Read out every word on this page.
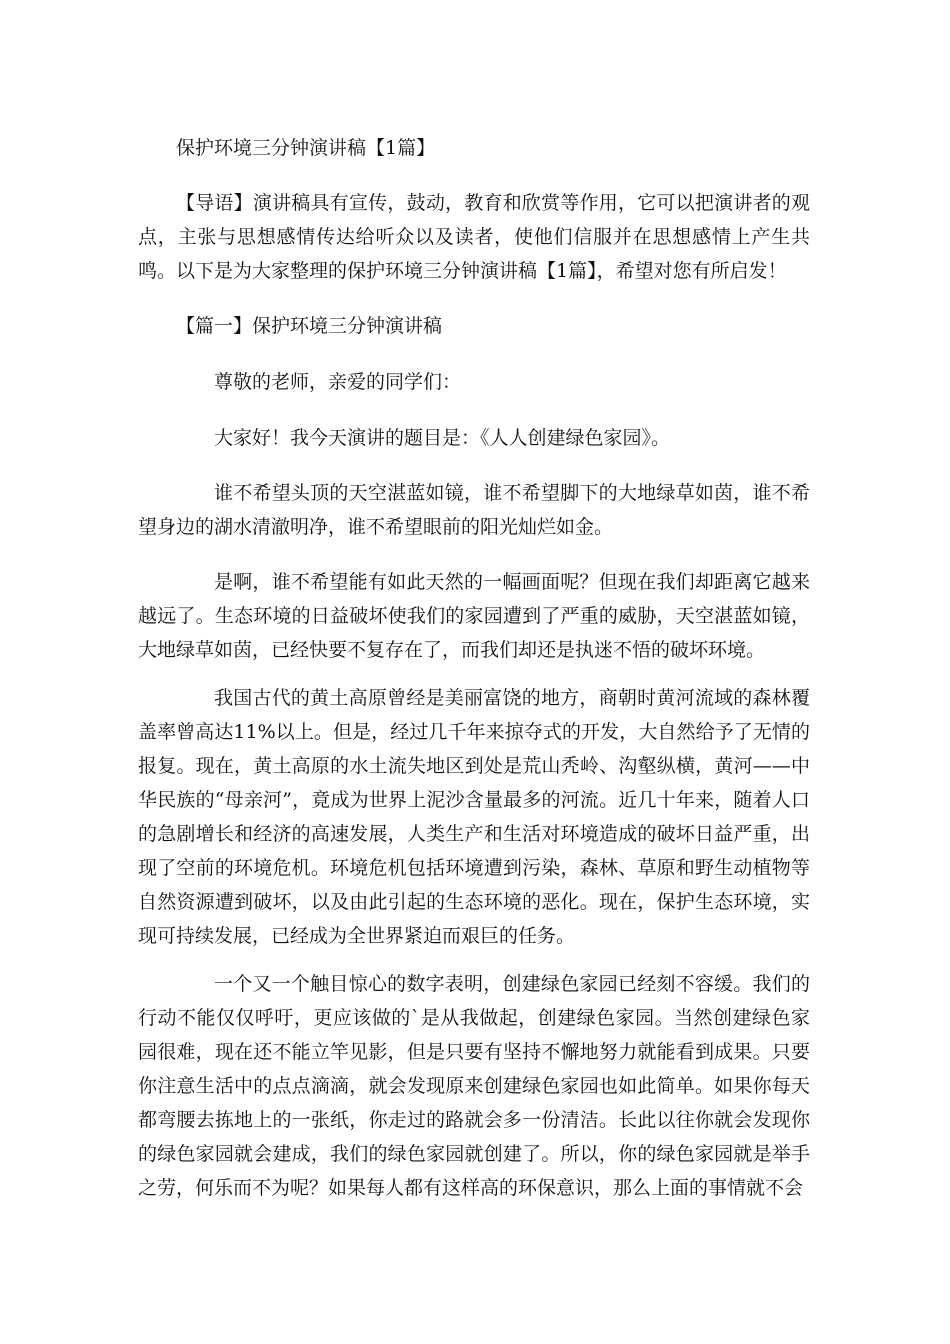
保护环境三分钟演讲稿【1篇】

【导语】演讲稿具有宣传，鼓动，教育和欣赏等作用，它可以把演讲者的观点，主张与思想感情传达给听众以及读者，使他们信服并在思想感情上产生共鸣。以下是为大家整理的保护环境三分钟演讲稿【1篇】，希望对您有所启发！

【篇一】保护环境三分钟演讲稿
尊敬的老师，亲爱的同学们：
大家好！我今天演讲的题目是：《人人创建绿色家园》。

谁不希望头顶的天空湛蓝如镜，谁不希望脚下的大地绿草如茵，谁不希望身边的湖水清澈明净，谁不希望眼前的阳光灿烂如金。

是啊，谁不希望能有如此天然的一幅画面呢？但现在我们却距离它越来越远了。生态环境的日益破坏使我们的家园遭到了严重的威胁，天空湛蓝如镜，大地绿草如茵，已经快要不复存在了，而我们却还是执迷不悟的破坏环境。

我国古代的黄土高原曾经是美丽富饶的地方，商朝时黄河流域的森林覆盖率曾高达11%以上。但是，经过几千年来掠夺式的开发，大自然给予了无情的报复。现在，黄土高原的水土流失地区到处是荒山秃岭、沟壑纵横，黄河——中华民族的“母亲河”，竟成为世界上泥沙含量最多的河流。近几十年来，随着人口的急剧增长和经济的高速发展，人类生产和生活对环境造成的破坏日益严重，出现了空前的环境危机。环境危机包括环境遭到污染，森林、草原和野生动植物等自然资源遭到破坏，以及由此引起的生态环境的恶化。现在，保护生态环境，实现可持续发展，已经成为全世界紧迫而艰巨的任务。

一个又一个触目惊心的数字表明，创建绿色家园已经刻不容缓。我们的行动不能仅仅呼吁，更应该做的`是从我做起，创建绿色家园。当然创建绿色家园很难，现在还不能立竿见影，但是只要有坚持不懈地努力就能看到成果。只要你注意生活中的点点滴滴，就会发现原来创建绿色家园也如此简单。如果你每天都弯腰去拣地上的一张纸，你走过的路就会多一份清洁。长此以往你就会发现你的绿色家园就会建成，我们的绿色家园就创建了。所以，你的绿色家园就是举手之劳，何乐而不为呢？如果每人都有这样高的环保意识，那么上面的事情就不会
